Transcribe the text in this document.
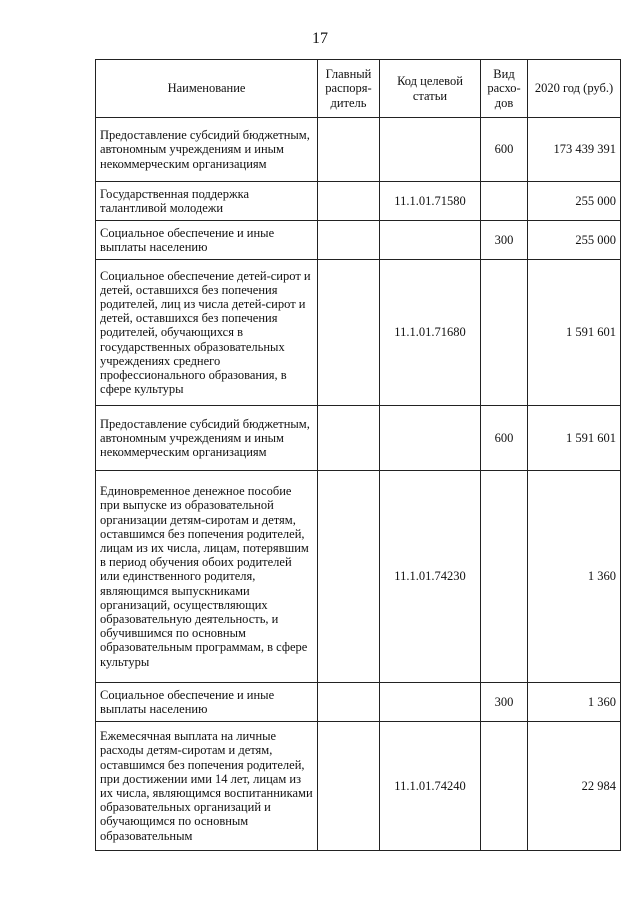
17
Наименование	Главный распоря-дитель	Код целевой статьи	Вид расхо-дов	2020 год (руб.)
Предоставление субсидий бюджетным, автономным учреждениям и иным некоммерческим организациям			600	173 439 391
Государственная поддержка талантливой молодежи		11.1.01.71580		255 000
Социальное обеспечение и иные выплаты населению			300	255 000
Социальное обеспечение детей-сирот и детей, оставшихся без попечения родителей, лиц из числа детей-сирот и детей, оставшихся без попечения родителей, обучающихся в государственных образовательных учреждениях среднего профессионального образования, в сфере культуры		11.1.01.71680		1 591 601
Предоставление субсидий бюджетным, автономным учреждениям и иным некоммерческим организациям			600	1 591 601
Единовременное денежное пособие при выпуске из образовательной организации детям-сиротам и детям, оставшимся без попечения родителей, лицам из их числа, лицам, потерявшим в период обучения обоих родителей или единственного родителя, являющимся выпускниками организаций, осуществляющих образовательную деятельность, и обучившимся по основным образовательным программам, в сфере культуры		11.1.01.74230		1 360
Социальное обеспечение и иные выплаты населению			300	1 360
Ежемесячная выплата на личные расходы детям-сиротам и детям, оставшимся без попечения родителей, при достижении ими 14 лет, лицам из их числа, являющимся воспитанниками образовательных организаций и обучающимся по основным образовательным		11.1.01.74240		22 984
